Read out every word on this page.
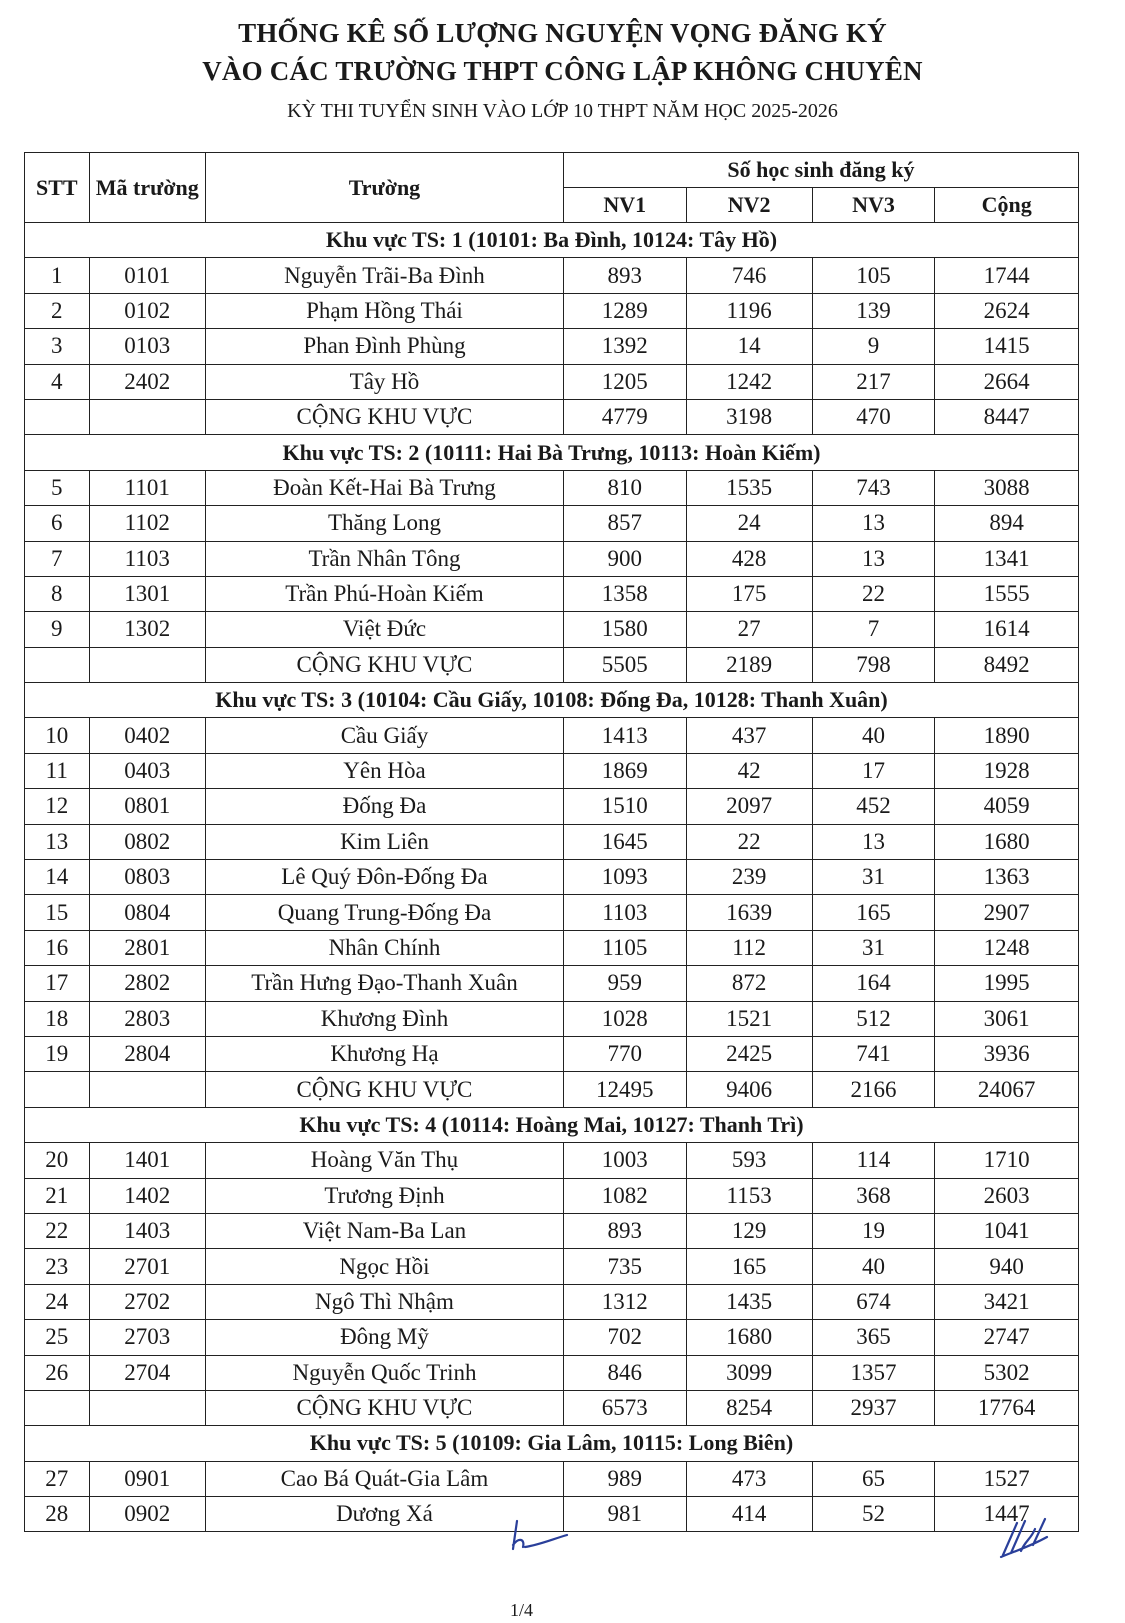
THỐNG KÊ SỐ LƯỢNG NGUYỆN VỌNG ĐĂNG KÝ
VÀO CÁC TRƯỜNG THPT CÔNG LẬP KHÔNG CHUYÊN
KỲ THI TUYỂN SINH VÀO LỚP 10 THPT NĂM HỌC 2025-2026
STT	Mã trường	Trường	Số học sinh đăng ký			
			NV1	NV2	NV3	Cộng
Khu vực TS: 1 (10101: Ba Đình, 10124: Tây Hồ)						
1	0101	Nguyễn Trãi-Ba Đình	893	746	105	1744
2	0102	Phạm Hồng Thái	1289	1196	139	2624
3	0103	Phan Đình Phùng	1392	14	9	1415
4	2402	Tây Hồ	1205	1242	217	2664
		CỘNG KHU VỰC	4779	3198	470	8447
Khu vực TS: 2 (10111: Hai Bà Trưng, 10113: Hoàn Kiếm)						
5	1101	Đoàn Kết-Hai Bà Trưng	810	1535	743	3088
6	1102	Thăng Long	857	24	13	894
7	1103	Trần Nhân Tông	900	428	13	1341
8	1301	Trần Phú-Hoàn Kiếm	1358	175	22	1555
9	1302	Việt Đức	1580	27	7	1614
		CỘNG KHU VỰC	5505	2189	798	8492
Khu vực TS: 3 (10104: Cầu Giấy, 10108: Đống Đa, 10128: Thanh Xuân)						
10	0402	Cầu Giấy	1413	437	40	1890
11	0403	Yên Hòa	1869	42	17	1928
12	0801	Đống Đa	1510	2097	452	4059
13	0802	Kim Liên	1645	22	13	1680
14	0803	Lê Quý Đôn-Đống Đa	1093	239	31	1363
15	0804	Quang Trung-Đống Đa	1103	1639	165	2907
16	2801	Nhân Chính	1105	112	31	1248
17	2802	Trần Hưng Đạo-Thanh Xuân	959	872	164	1995
18	2803	Khương Đình	1028	1521	512	3061
19	2804	Khương Hạ	770	2425	741	3936
		CỘNG KHU VỰC	12495	9406	2166	24067
Khu vực TS: 4 (10114: Hoàng Mai, 10127: Thanh Trì)						
20	1401	Hoàng Văn Thụ	1003	593	114	1710
21	1402	Trương Định	1082	1153	368	2603
22	1403	Việt Nam-Ba Lan	893	129	19	1041
23	2701	Ngọc Hồi	735	165	40	940
24	2702	Ngô Thì Nhậm	1312	1435	674	3421
25	2703	Đông Mỹ	702	1680	365	2747
26	2704	Nguyễn Quốc Trinh	846	3099	1357	5302
		CỘNG KHU VỰC	6573	8254	2937	17764
Khu vực TS: 5 (10109: Gia Lâm, 10115: Long Biên)						
27	0901	Cao Bá Quát-Gia Lâm	989	473	65	1527
28	0902	Dương Xá	981	414	52	1447
1/4
